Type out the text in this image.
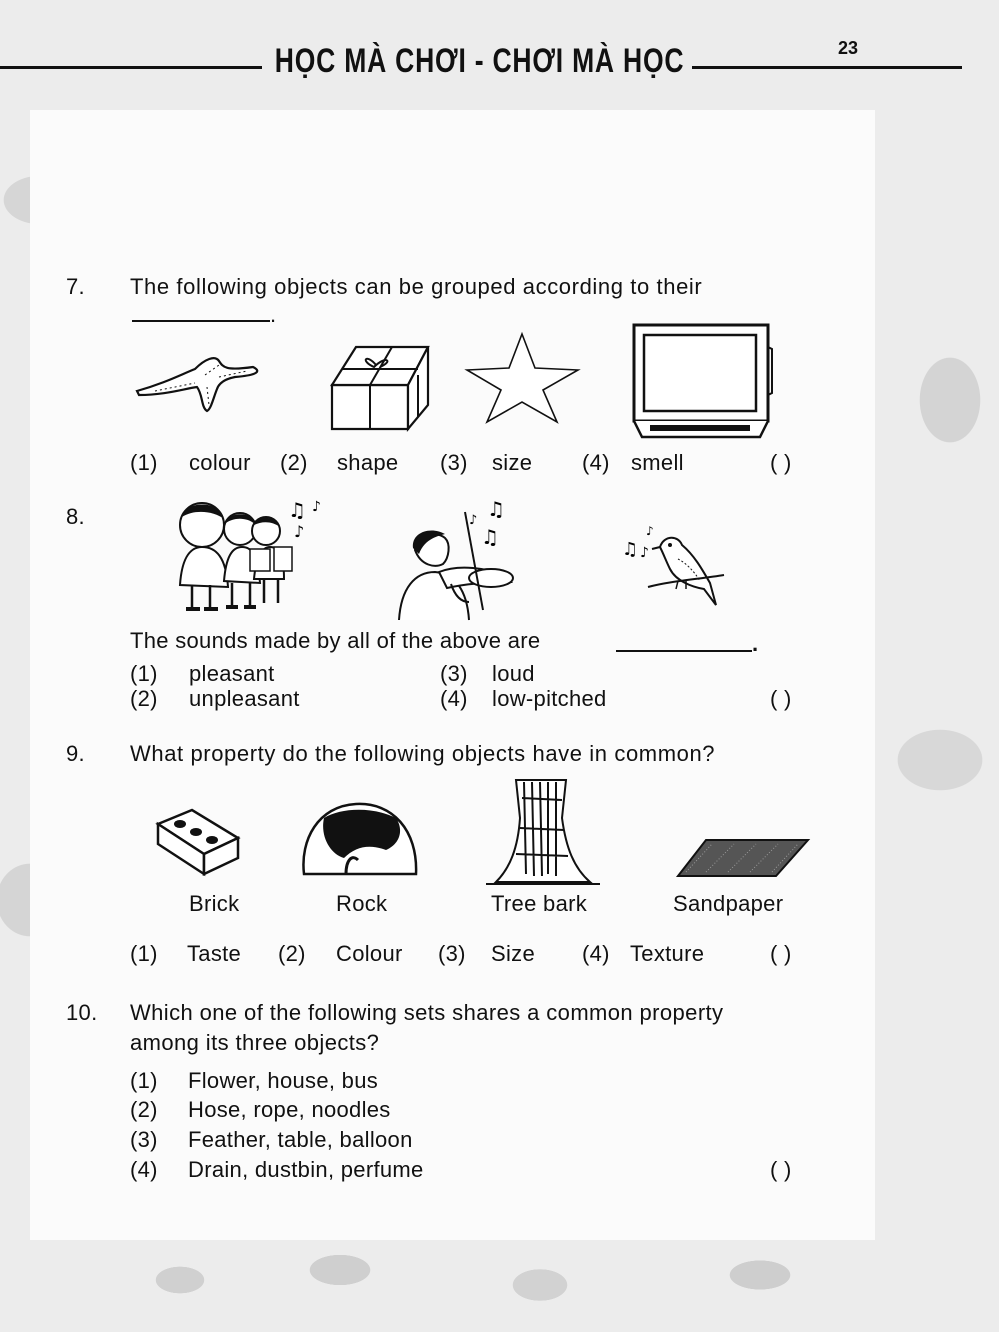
HỌC MÀ CHƠI - CHƠI MÀ HỌC	23
7. The following objects can be grouped according to their
.
(1) colour (2) shape (3) size (4) smell	( )
8.	♫ ♪
♪
♫
♫
♪
♫ ♪
♪
The sounds made by all of the above are	.
(1) pleasant	(3) loud
(2) unpleasant	(4) low-pitched	( )
9. What property do the following objects have in common?
Brick	Rock	Tree bark	Sandpaper
(1) Taste (2) Colour (3) Size (4) Texture	( )
10. Which one of the following sets shares a common property
among its three objects?
(1) Flower, house, bus
(2) Hose, rope, noodles
(3) Feather, table, balloon
(4) Drain, dustbin, perfume	( )
